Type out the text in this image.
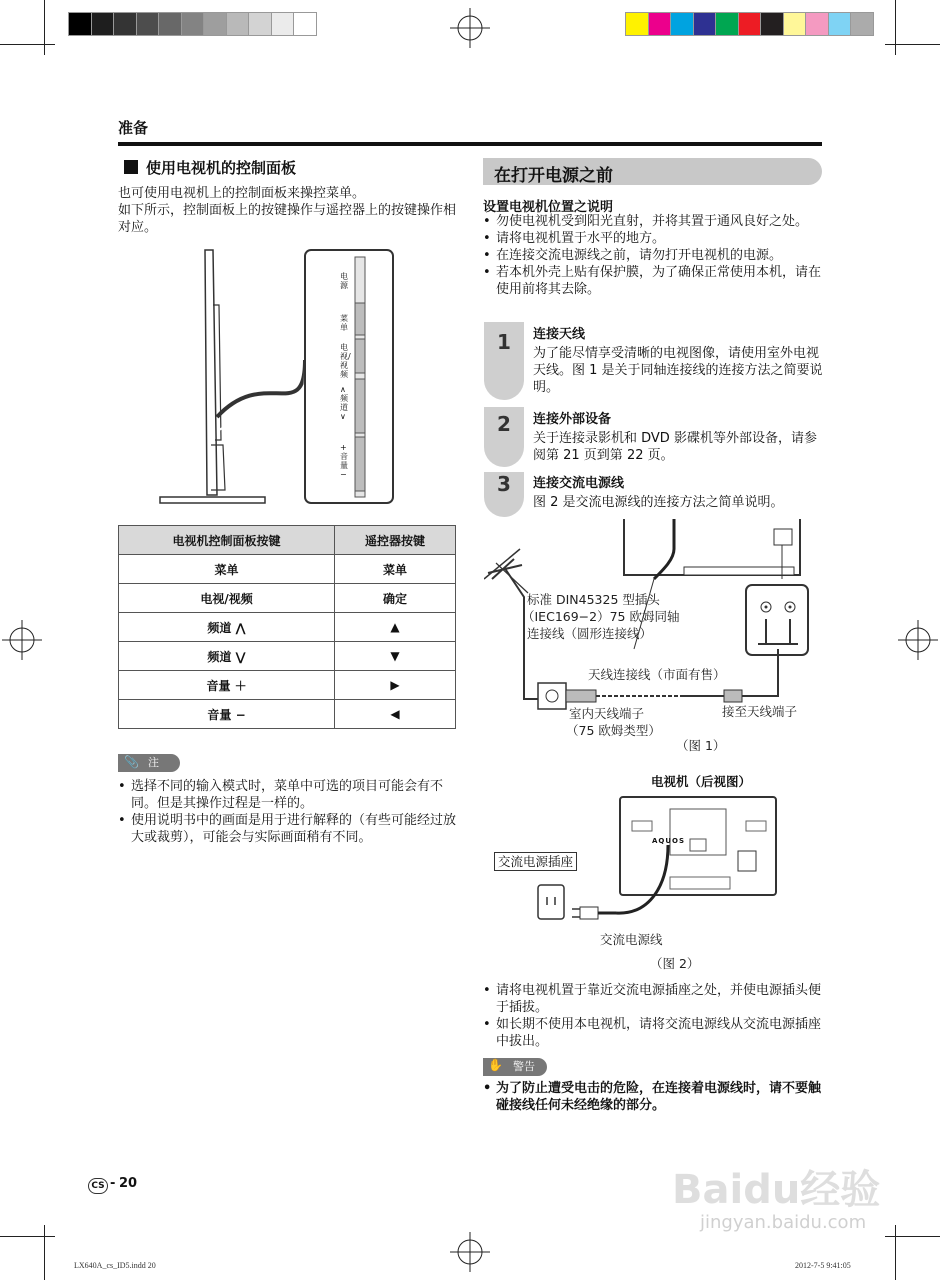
准备
使用电视机的控制面板
也可使用电视机上的控制面板来操控菜单。
如下所示，控制面板上的按键操作与遥控器上的按键操作相对应。
电源
菜单
电视/视频
∧ 频道 ∨
+ 音量 −
电视机控制面板按键	遥控器按键
菜单	菜单
电视/视频	确定
频道 ⋀	▲
频道 ⋁	▼
音量 ＋	▶
音量 −	◀
注
📎

• 选择不同的输入模式时，菜单中可选的项目可能会有不同。但是其操作过程是一样的。

• 使用说明书中的画面是用于进行解释的（有些可能经过放大或裁剪），可能会与实际画面稍有不同。

在打开电源之前
设置电视机位置之说明

• 勿使电视机受到阳光直射，并将其置于通风良好之处。

• 请将电视机置于水平的地方。

• 在连接交流电源线之前，请勿打开电视机的电源。

• 若本机外壳上贴有保护膜，为了确保正常使用本机，请在使用前将其去除。

1	连接天线
为了能尽情享受清晰的电视图像，请使用室外电视天线。图 1 是关于同轴连接线的连接方法之简要说明。
2	连接外部设备
关于连接录影机和 DVD 影碟机等外部设备，请参阅第 21 页到第 22 页。
3	连接交流电源线
图 2 是交流电源线的连接方法之简单说明。
标准 DIN45325 型插头
（IEC169−2）75 欧姆同轴
连接线（圆形连接线）
天线连接线（市面有售）
室内天线端子
（75 欧姆类型）
接至天线端子
（图 1）
电视机（后视图）
AQUOS
交流电源插座
交流电源线
（图 2）

• 请将电视机置于靠近交流电源插座之处，并使电源插头便于插拔。

• 如长期不使用本电视机，请将交流电源线从交流电源插座中拔出。

警告
✋

• 为了防止遭受电击的危险，在连接着电源线时，请不要触碰接线任何未经绝缘的部分。

CS - 20
LX640A_cs_ID5.indd 20	2012-7-5 9:41:05
Baidu经验
jingyan.baidu.com
